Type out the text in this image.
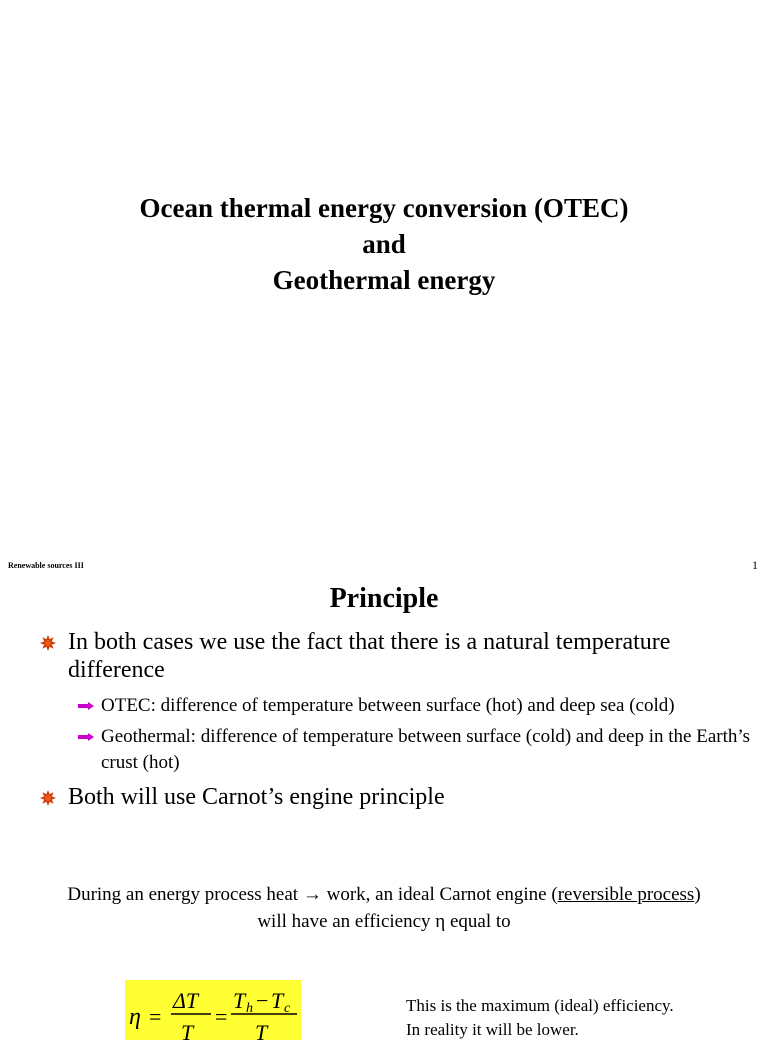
Ocean thermal energy conversion (OTEC)
and
Geothermal energy
Renewable sources III	1
Principle
In both cases we use the fact that there is a natural temperature difference
OTEC: difference of temperature between surface (hot) and deep sea (cold)
Geothermal: difference of temperature between surface (cold) and deep in the Earth’s crust (hot)
Both will use Carnot’s engine principle
During an energy process heat → work, an ideal Carnot engine (reversible process)
will have an efficiency η equal to
η =
ΔT
T
=
T h − T c
T
This is the maximum (ideal) efficiency.
In reality it will be lower.
